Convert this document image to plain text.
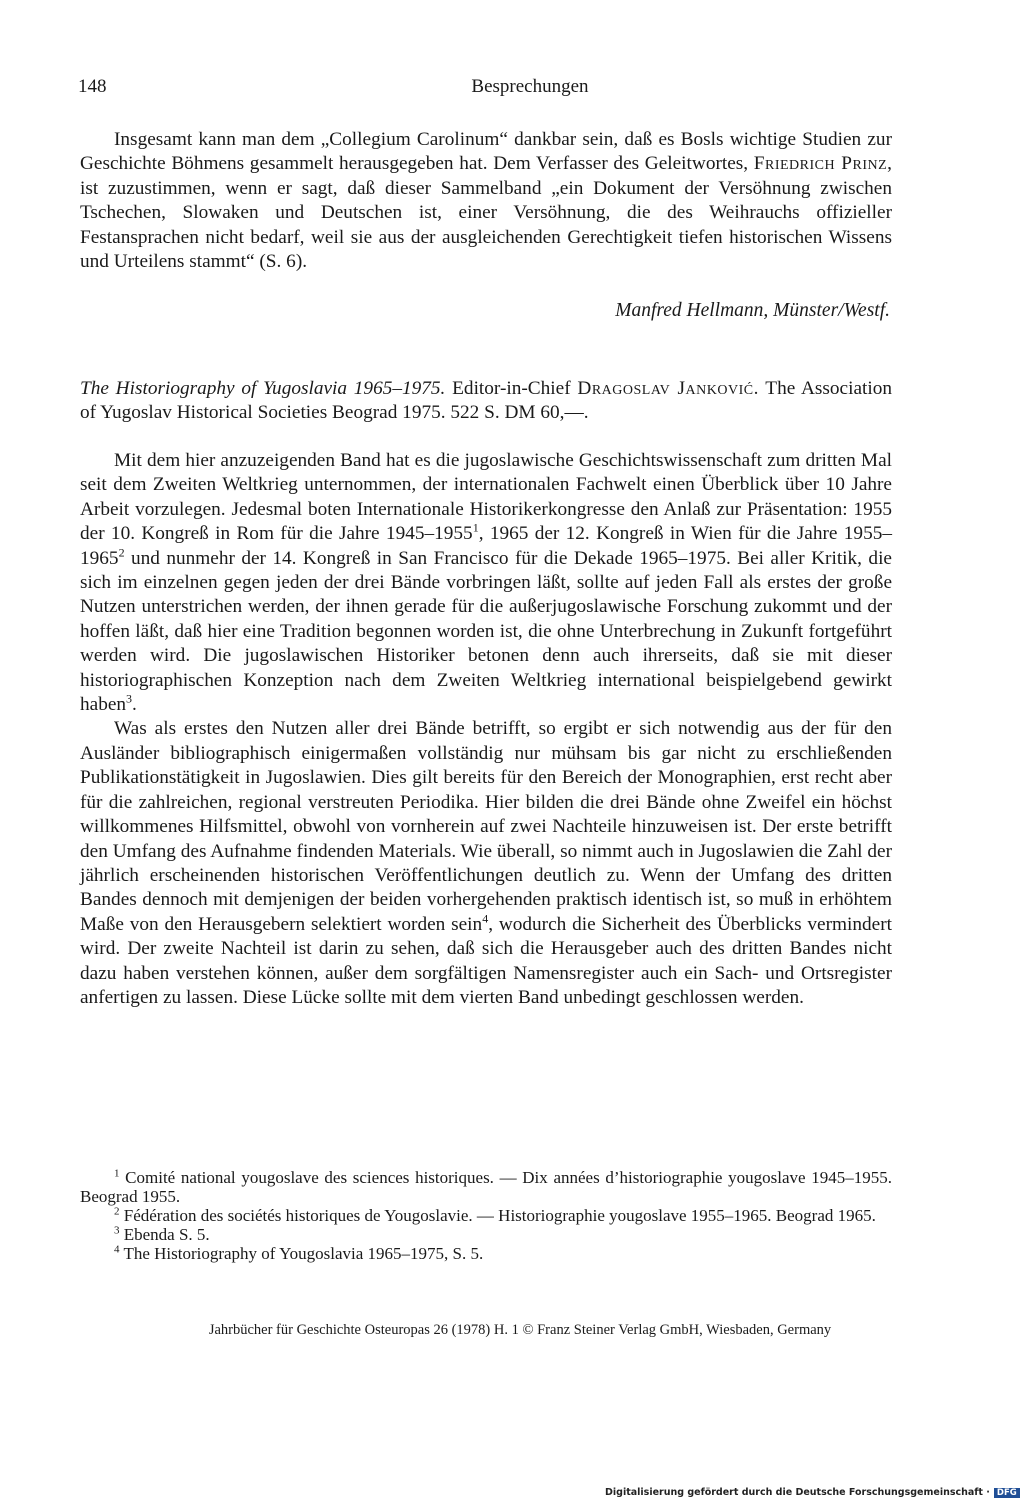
148	Besprechungen

Insgesamt kann man dem „Collegium Carolinum“ dankbar sein, daß es Bosls wichtige Studien zur Geschichte Böhmens gesammelt herausgegeben hat. Dem Verfasser des Geleitwortes, Friedrich Prinz, ist zuzustimmen, wenn er sagt, daß dieser Sammelband „ein Dokument der Versöhnung zwischen Tschechen, Slowaken und Deutschen ist, einer Versöhnung, die des Weihrauchs offizieller Festansprachen nicht bedarf, weil sie aus der ausgleichenden Gerechtigkeit tiefen historischen Wissens und Urteilens stammt“ (S. 6).

Manfred Hellmann, Münster/Westf.
The Historiography of Yugoslavia 1965–1975. Editor-in-Chief Dragoslav Janković. The Association of Yugoslav Historical Societies Beograd 1975. 522 S. DM 60,—.

Mit dem hier anzuzeigenden Band hat es die jugoslawische Geschichtswissenschaft zum dritten Mal seit dem Zweiten Weltkrieg unternommen, der internationalen Fachwelt einen Überblick über 10 Jahre Arbeit vorzulegen. Jedesmal boten Internationale Historikerkongresse den Anlaß zur Präsentation: 1955 der 10. Kongreß in Rom für die Jahre 1945–1955$^1$, 1965 der 12. Kongreß in Wien für die Jahre 1955–1965$^2$ und nunmehr der 14. Kongreß in San Francisco für die Dekade 1965–1975. Bei aller Kritik, die sich im einzelnen gegen jeden der drei Bände vorbringen läßt, sollte auf jeden Fall als erstes der große Nutzen unterstrichen werden, der ihnen gerade für die außerjugoslawische Forschung zukommt und der hoffen läßt, daß hier eine Tradition begonnen worden ist, die ohne Unterbrechung in Zukunft fortgeführt werden wird. Die jugoslawischen Historiker betonen denn auch ihrerseits, daß sie mit dieser historiographischen Konzeption nach dem Zweiten Weltkrieg international beispielgebend gewirkt haben$^3$.

Was als erstes den Nutzen aller drei Bände betrifft, so ergibt er sich notwendig aus der für den Ausländer bibliographisch einigermaßen vollständig nur mühsam bis gar nicht zu erschließenden Publikationstätigkeit in Jugoslawien. Dies gilt bereits für den Bereich der Monographien, erst recht aber für die zahlreichen, regional verstreuten Periodika. Hier bilden die drei Bände ohne Zweifel ein höchst willkommenes Hilfsmittel, obwohl von vornherein auf zwei Nachteile hinzuweisen ist. Der erste betrifft den Umfang des Aufnahme findenden Materials. Wie überall, so nimmt auch in Jugoslawien die Zahl der jährlich erscheinenden historischen Veröffentlichungen deutlich zu. Wenn der Umfang des dritten Bandes dennoch mit demjenigen der beiden vorhergehenden praktisch identisch ist, so muß in erhöhtem Maße von den Herausgebern selektiert worden sein$^4$, wodurch die Sicherheit des Überblicks vermindert wird. Der zweite Nachteil ist darin zu sehen, daß sich die Herausgeber auch des dritten Bandes nicht dazu haben verstehen können, außer dem sorgfältigen Namensregister auch ein Sach- und Ortsregister anfertigen zu lassen. Diese Lücke sollte mit dem vierten Band unbedingt geschlossen werden.

$^1$ Comité national yougoslave des sciences historiques. — Dix années d’historiographie yougoslave 1945–1955. Beograd 1955.

$^2$ Fédération des sociétés historiques de Yougoslavie. — Historiographie yougoslave 1955–1965. Beograd 1965.

$^3$ Ebenda S. 5.

$^4$ The Historiography of Yougoslavia 1965–1975, S. 5.

Jahrbücher für Geschichte Osteuropas 26 (1978) H. 1 © Franz Steiner Verlag GmbH, Wiesbaden, Germany
Digitalisierung gefördert durch die Deutsche Forschungsgemeinschaft · DFG
